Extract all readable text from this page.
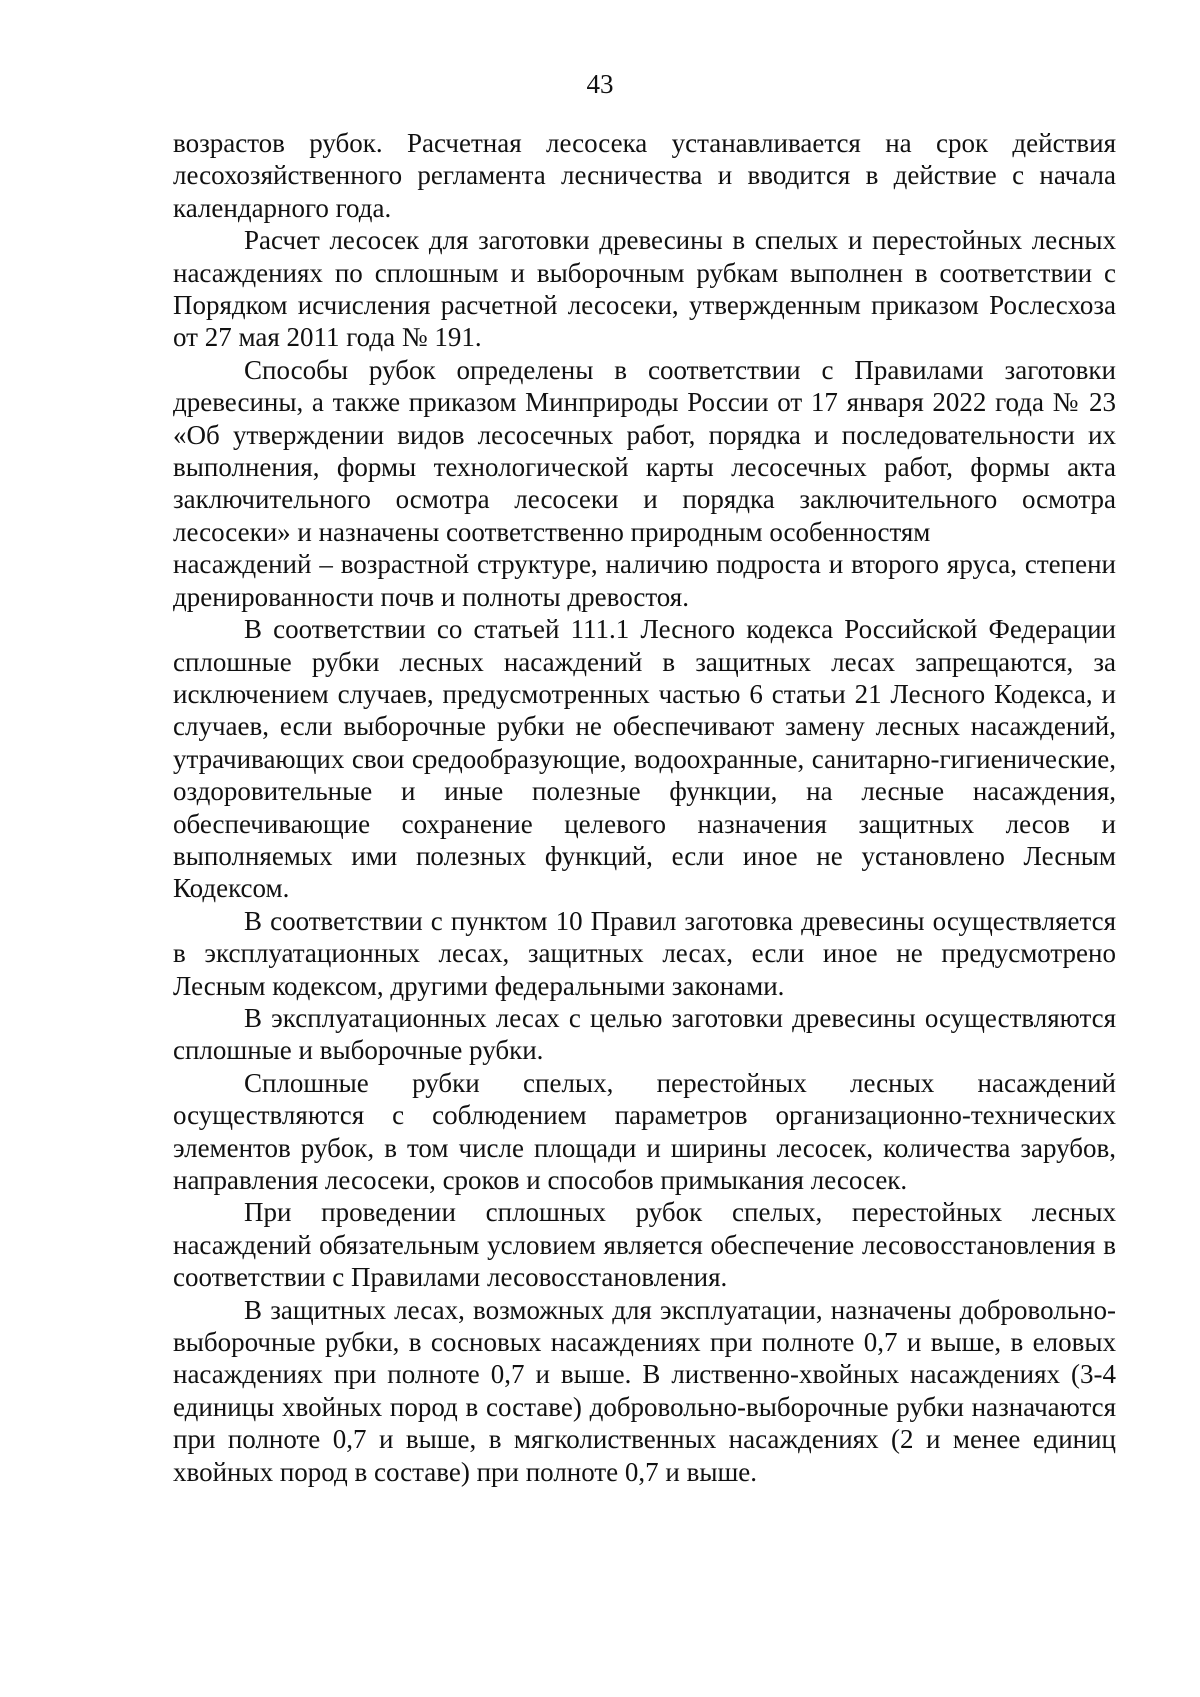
43

возрастов рубок. Расчетная лесосека устанавливается на срок действия лесохозяйственного регламента лесничества и вводится в действие с начала календарного года.

Расчет лесосек для заготовки древесины в спелых и перестойных лесных насаждениях по сплошным и выборочным рубкам выполнен в соответствии с Порядком исчисления расчетной лесосеки, утвержденным приказом Рослесхоза от 27 мая 2011 года № 191.

Способы рубок определены в соответствии с Правилами заготовки древесины, а также приказом Минприроды России от 17 января 2022 года № 23 «Об утверждении видов лесосечных работ, порядка и последовательности их выполнения, формы технологической карты лесосечных работ, формы акта заключительного осмотра лесосеки и порядка заключительного осмотра лесосеки» и назначены соответственно природным особенностям

насаждений – возрастной структуре, наличию подроста и второго яруса, степени дренированности почв и полноты древостоя.

В соответствии со статьей 111.1 Лесного кодекса Российской Федерации сплошные рубки лесных насаждений в защитных лесах запрещаются, за исключением случаев, предусмотренных частью 6 статьи 21 Лесного Кодекса, и случаев, если выборочные рубки не обеспечивают замену лесных насаждений, утрачивающих свои средообразующие, водоохранные, санитарно-гигиенические, оздоровительные и иные полезные функции, на лесные насаждения, обеспечивающие сохранение целевого назначения защитных лесов и выполняемых ими полезных функций, если иное не установлено Лесным Кодексом.

В соответствии с пунктом 10 Правил заготовка древесины осуществляется в эксплуатационных лесах, защитных лесах, если иное не предусмотрено Лесным кодексом, другими федеральными законами.

В эксплуатационных лесах с целью заготовки древесины осуществляются сплошные и выборочные рубки.

Сплошные рубки спелых, перестойных лесных насаждений осуществляются с соблюдением параметров организационно-технических элементов рубок, в том числе площади и ширины лесосек, количества зарубов, направления лесосеки, сроков и способов примыкания лесосек.

При проведении сплошных рубок спелых, перестойных лесных насаждений обязательным условием является обеспечение лесовосстановления в соответствии с Правилами лесовосстановления.

В защитных лесах, возможных для эксплуатации, назначены добровольно-выборочные рубки, в сосновых насаждениях при полноте 0,7 и выше, в еловых насаждениях при полноте 0,7 и выше. В лиственно-хвойных насаждениях (3-4 единицы хвойных пород в составе) добровольно-выборочные рубки назначаются при полноте 0,7 и выше, в мягколиственных насаждениях (2 и менее единиц хвойных пород в составе) при полноте 0,7 и выше.
